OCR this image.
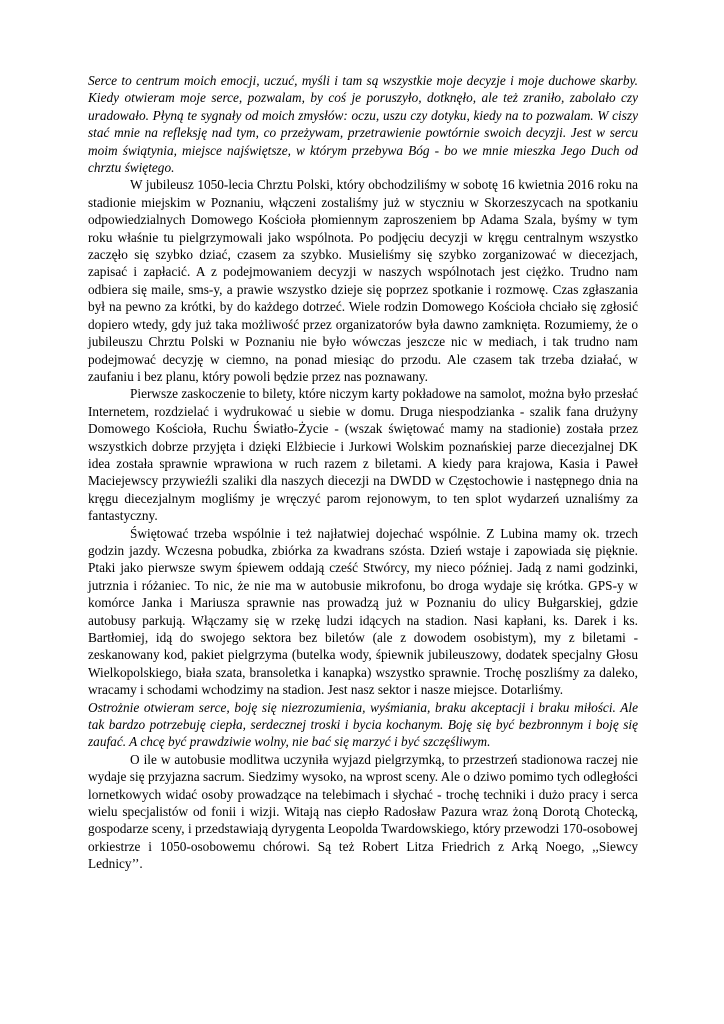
Serce to centrum moich emocji, uczuć, myśli i tam są wszystkie moje decyzje i moje duchowe skarby. Kiedy otwieram moje serce, pozwalam, by coś je poruszyło, dotknęło, ale też zraniło, zabolało czy uradowało. Płyną te sygnały od moich zmysłów: oczu, uszu czy dotyku, kiedy na to pozwalam. W ciszy stać mnie na refleksję nad tym, co przeżywam, przetrawienie powtórnie swoich decyzji. Jest w sercu moim świątynia, miejsce najświętsze, w którym przebywa Bóg - bo we mnie mieszka Jego Duch od chrztu świętego.

W jubileusz 1050-lecia Chrztu Polski, który obchodziliśmy w sobotę 16 kwietnia 2016 roku na stadionie miejskim w Poznaniu, włączeni zostaliśmy już w styczniu w Skorzeszycach na spotkaniu odpowiedzialnych Domowego Kościoła płomiennym zaproszeniem bp Adama Szala, byśmy w tym roku właśnie tu pielgrzymowali jako wspólnota. Po podjęciu decyzji w kręgu centralnym wszystko zaczęło się szybko dziać, czasem za szybko. Musieliśmy się szybko zorganizować w diecezjach, zapisać i zapłacić. A z podejmowaniem decyzji w naszych wspólnotach jest ciężko. Trudno nam odbiera się maile, sms-y, a prawie wszystko dzieje się poprzez spotkanie i rozmowę. Czas zgłaszania był na pewno za krótki, by do każdego dotrzeć. Wiele rodzin Domowego Kościoła chciało się zgłosić dopiero wtedy, gdy już taka możliwość przez organizatorów była dawno zamknięta. Rozumiemy, że o jubileuszu Chrztu Polski w Poznaniu nie było wówczas jeszcze nic w mediach, i tak trudno nam podejmować decyzję w ciemno, na ponad miesiąc do przodu. Ale czasem tak trzeba działać, w zaufaniu i bez planu, który powoli będzie przez nas poznawany.

Pierwsze zaskoczenie to bilety, które niczym karty pokładowe na samolot, można było przesłać Internetem, rozdzielać i wydrukować u siebie w domu. Druga niespodzianka - szalik fana drużyny Domowego Kościoła, Ruchu Światło-Życie - (wszak świętować mamy na stadionie) została przez wszystkich dobrze przyjęta i dzięki Elżbiecie i Jurkowi Wolskim poznańskiej parze diecezjalnej DK idea została sprawnie wprawiona w ruch razem z biletami. A kiedy para krajowa, Kasia i Paweł Maciejewscy przywieźli szaliki dla naszych diecezji na DWDD w Częstochowie i następnego dnia na kręgu diecezjalnym mogliśmy je wręczyć parom rejonowym, to ten splot wydarzeń uznaliśmy za fantastyczny.

Świętować trzeba wspólnie i też najłatwiej dojechać wspólnie. Z Lubina mamy ok. trzech godzin jazdy. Wczesna pobudka, zbiórka za kwadrans szósta. Dzień wstaje i zapowiada się pięknie. Ptaki jako pierwsze swym śpiewem oddają cześć Stwórcy, my nieco później. Jadą z nami godzinki, jutrznia i różaniec. To nic, że nie ma w autobusie mikrofonu, bo droga wydaje się krótka. GPS-y w komórce Janka i Mariusza sprawnie nas prowadzą już w Poznaniu do ulicy Bułgarskiej, gdzie autobusy parkują. Włączamy się w rzekę ludzi idących na stadion. Nasi kapłani, ks. Darek i ks. Bartłomiej, idą do swojego sektora bez biletów (ale z dowodem osobistym), my z biletami - zeskanowany kod, pakiet pielgrzyma (butelka wody, śpiewnik jubileuszowy, dodatek specjalny Głosu Wielkopolskiego, biała szata, bransoletka i kanapka) wszystko sprawnie. Trochę poszliśmy za daleko, wracamy i schodami wchodzimy na stadion. Jest nasz sektor i nasze miejsce. Dotarliśmy.

Ostrożnie otwieram serce, boję się niezrozumienia, wyśmiania, braku akceptacji i braku miłości. Ale tak bardzo potrzebuję ciepła, serdecznej troski i bycia kochanym. Boję się być bezbronnym i boję się zaufać. A chcę być prawdziwie wolny, nie bać się marzyć i być szczęśliwym.

O ile w autobusie modlitwa uczyniła wyjazd pielgrzymką, to przestrzeń stadionowa raczej nie wydaje się przyjazna sacrum. Siedzimy wysoko, na wprost sceny. Ale o dziwo pomimo tych odległości lornetkowych widać osoby prowadzące na telebimach i słychać - trochę techniki i dużo pracy i serca wielu specjalistów od fonii i wizji. Witają nas ciepło Radosław Pazura wraz żoną Dorotą Chotecką, gospodarze sceny, i przedstawiają dyrygenta Leopolda Twardowskiego, który przewodzi 170-osobowej orkiestrze i 1050-osobowemu chórowi. Są też Robert Litza Friedrich z Arką Noego, ,,Siewcy Lednicy’’.
